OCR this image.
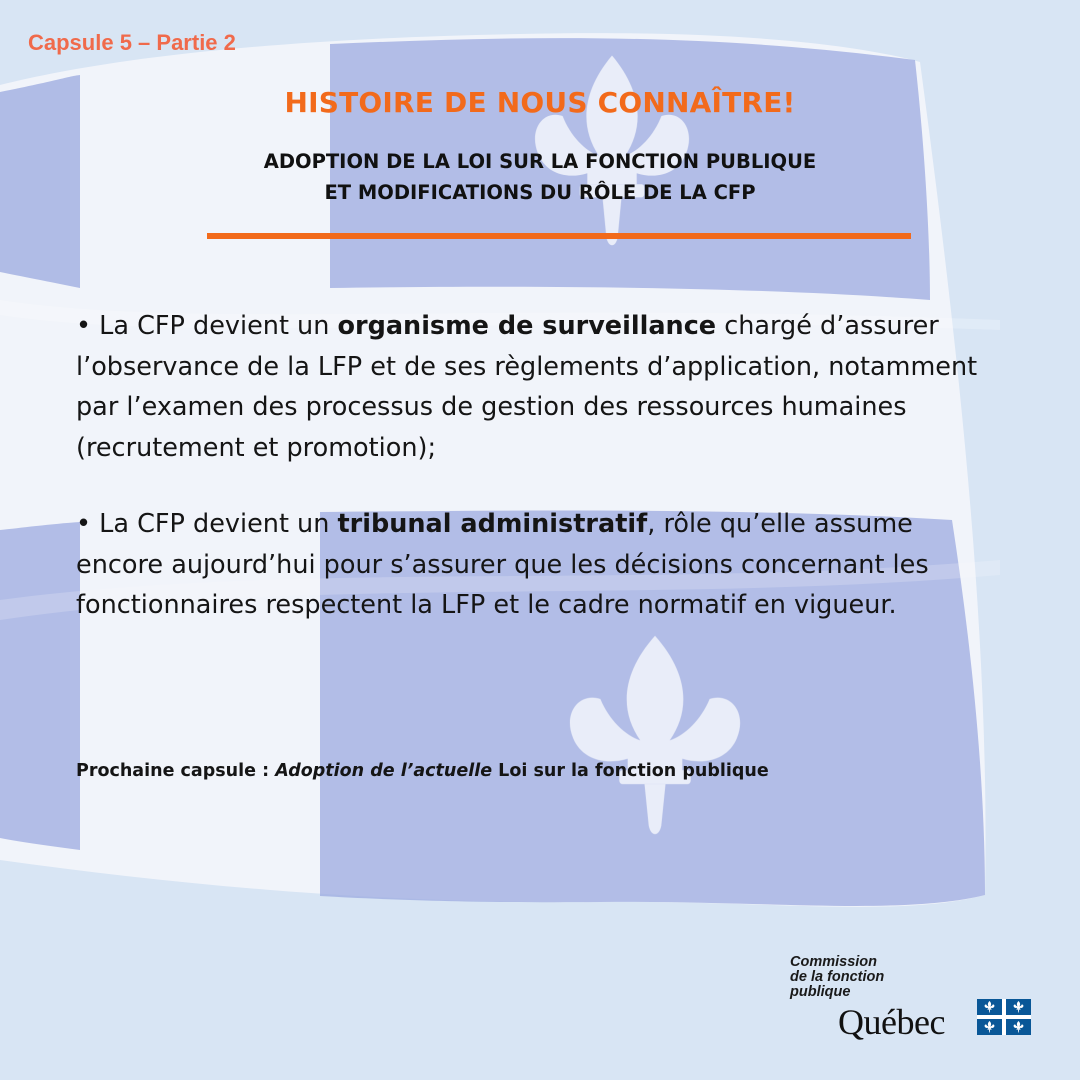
Capsule 5 – Partie 2
HISTOIRE DE NOUS CONNAÎTRE!
ADOPTION DE LA LOI SUR LA FONCTION PUBLIQUE
ET MODIFICATIONS DU RÔLE DE LA CFP

• La CFP devient un organisme de surveillance chargé d’assurer l’observance de la LFP et de ses règlements d’application, notamment par l’examen des processus de gestion des ressources humaines (recrutement et promotion);

• La CFP devient un tribunal administratif, rôle qu’elle assume encore aujourd’hui pour s’assurer que les décisions concernant les fonctionnaires respectent la LFP et le cadre normatif en vigueur.

Prochaine capsule : Adoption de l’actuelle Loi sur la fonction publique
Commission
de la fonction
publique
Québec
